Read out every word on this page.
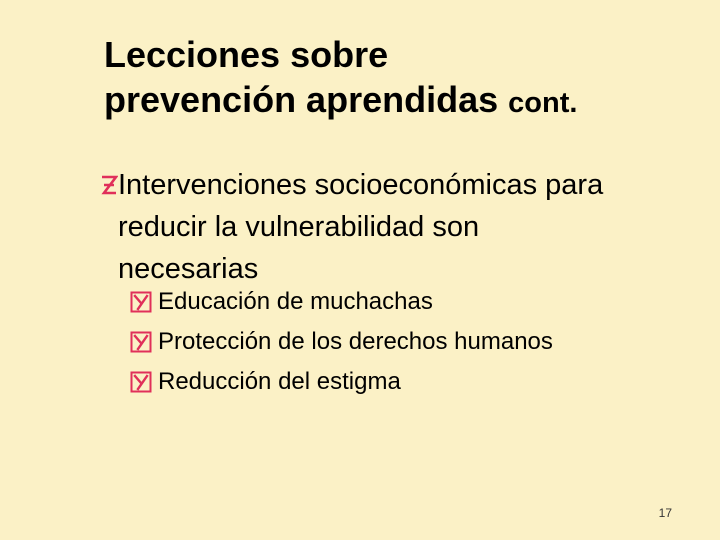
Lecciones sobre
prevención aprendidas cont.
Intervenciones socioeconómicas para
reducir la vulnerabilidad son
necesarias
Educación de muchachas
Protección de los derechos humanos
Reducción del estigma
17
